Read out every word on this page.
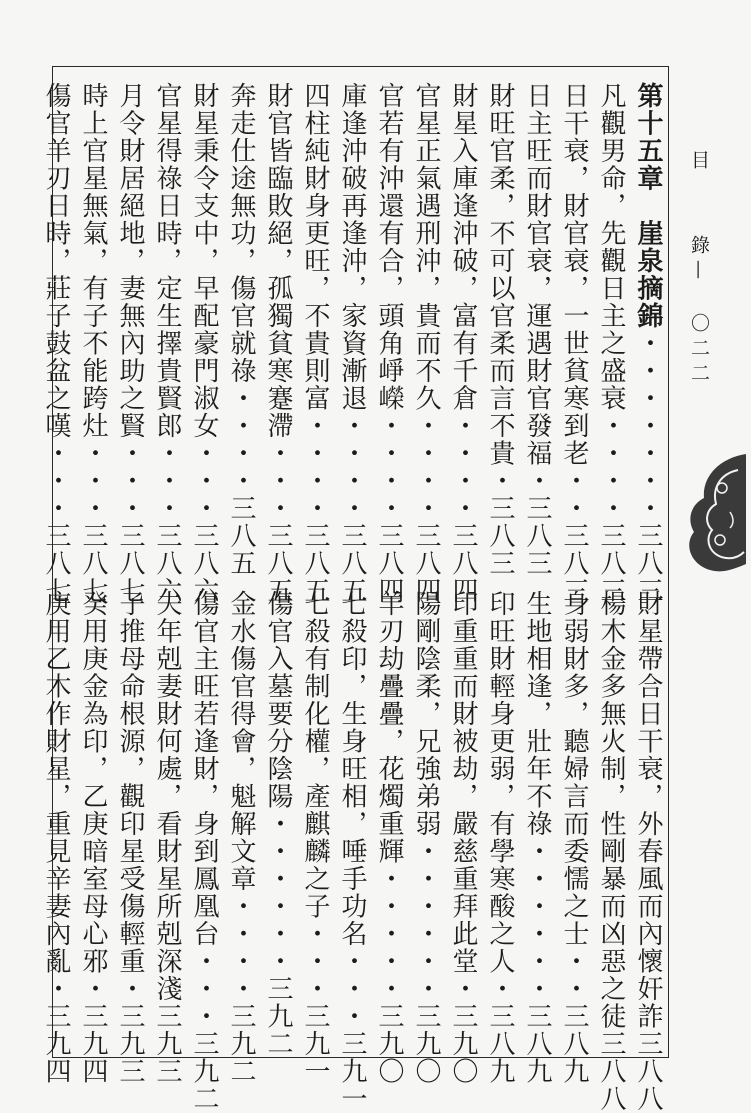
目 錄— 〇二二
第十五章　崖泉摘錦・・・・・・・三八三
凡觀男命，先觀日主之盛衰・・・・三八三
日干衰，財官衰，一世貧寒到老・・三八三
日主旺而財官衰，運遇財官發福・三八三
財旺官柔，不可以官柔而言不貴・三八三
財星入庫逢沖破，富有千倉・・・・三八四
官星正氣遇刑沖，貴而不久・・・・三八四
官若有沖還有合，頭角崢嶸・・・・三八四
庫逢沖破再逢沖，家資漸退・・・・三八五
四柱純財身更旺，不貴則富・・・・三八五
財官皆臨敗絕，孤獨貧寒蹇滯・・・三八五
奔走仕途無功，傷官就祿・・・・三八五
財星秉令支中，早配豪門淑女・・・三八六
官星得祿日時，定生擇貴賢郎・・・三八六
月令財居絕地，妻無內助之賢・・・三八七
時上官星無氣，有子不能跨灶・・・三八七
傷官羊刃日時，莊子鼓盆之嘆・・・三八七
財星帶合日干衰，外春風而內懷奸詐三八八
楊木金多無火制，性剛暴而凶惡之徒三八八
身弱財多，聽婦言而委懦之士・・三八九
生地相逢，壯年不祿・・・・・・三八九
印旺財輕身更弱，有學寒酸之人・三八九
印重重而財被劫，嚴慈重拜此堂・三九〇
陽剛陰柔，兄強弟弱・・・・・・三九〇
羊刃劫疊疊，花燭重輝・・・・・三九〇
七殺印，生身旺相，唾手功名・・・三九一
七殺有制化權，產麒麟之子・・・三九一
傷官入墓要分陰陽・・・・・・三九二
金水傷官得會，魁解文章・・・・三九二
傷官主旺若逢財，身到鳳凰台・・・三九二
夫年剋妻財何處，看財星所剋深淺三九三
子推母命根源，觀印星受傷輕重・三九三
癸用庚金為印，乙庚暗室母心邪・三九四
庚用乙木作財星，重見辛妻內亂・三九四
